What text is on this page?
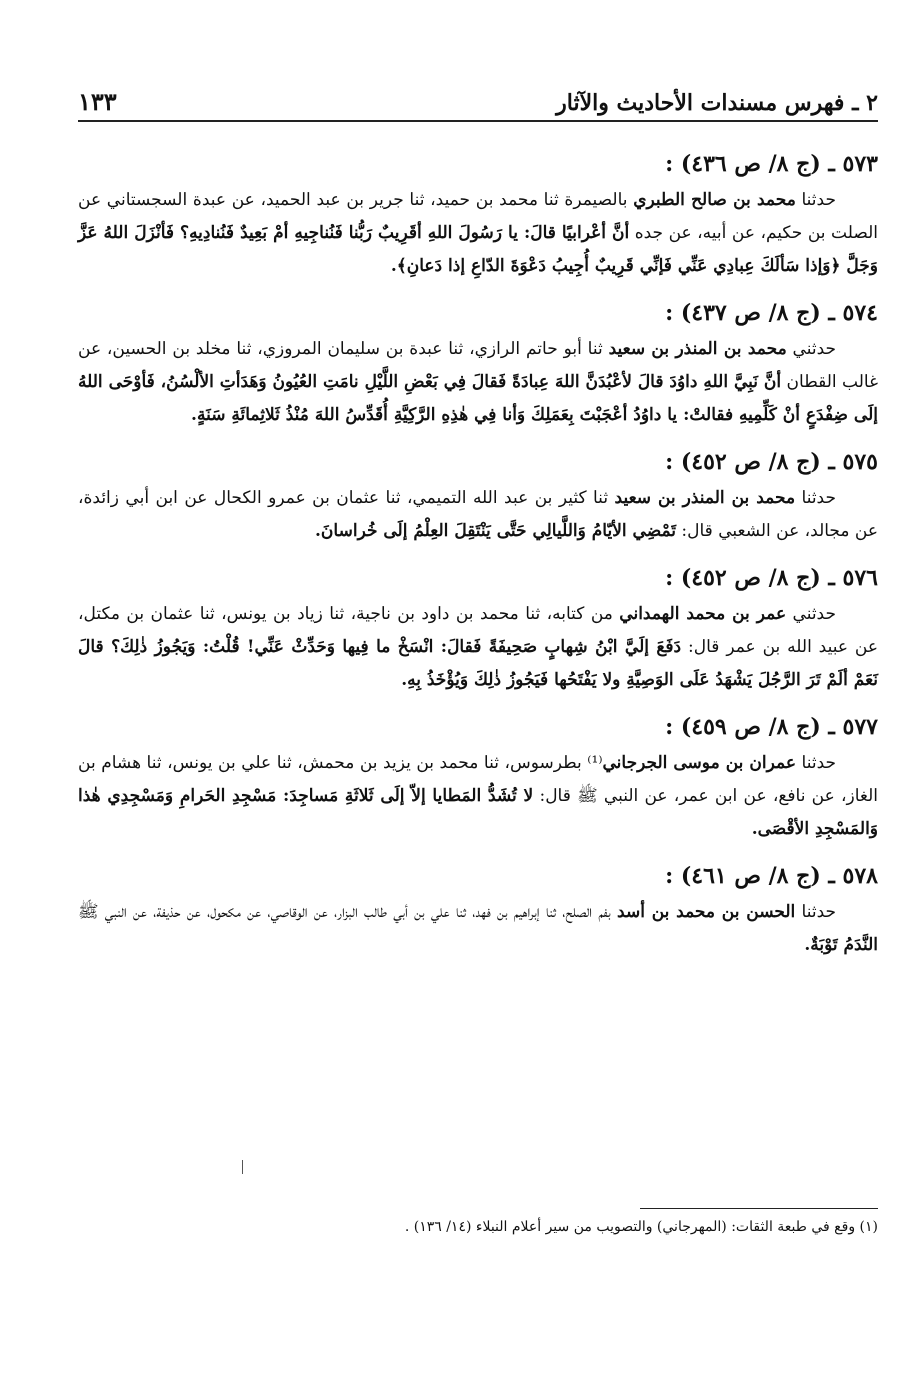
٢ ـ فهرس مسندات الأحاديث والآثار
١٣٣
٥٧٣ ـ (ج ٨/ ص ٤٣٦) :
حدثنا محمد بن صالح الطبري بالصيمرة ثنا محمد بن حميد، ثنا جرير بن عبد الحميد، عن عبدة السجستاني عن الصلت بن حكيم، عن أبيه، عن جده أنَّ أعْرابيًا قالَ: يا رَسُولَ اللهِ أقَرِيبٌ رَبُّنا فَنُناجِيهِ أمْ بَعِيدٌ فَنُنادِيهِ؟ فَأنْزَلَ اللهُ عَزَّ وَجَلَّ ﴿وَإذا سَألَكَ عِبادِي عَنِّي فَإنِّي قَرِيبٌ أُجِيبُ دَعْوَةَ الدّاعِ إذا دَعانِ﴾.
٥٧٤ ـ (ج ٨/ ص ٤٣٧) :
حدثني محمد بن المنذر بن سعيد ثنا أبو حاتم الرازي، ثنا عبدة بن سليمان المروزي، ثنا مخلد بن الحسين، عن غالب القطان أنَّ نَبِيَّ اللهِ داوُدَ قالَ لأعْبُدَنَّ اللهَ عِبادَةً فَقالَ فِي بَعْضِ اللَّيْلِ نامَتِ العُيُونُ وَهَدَأتِ الألْسُنُ، فَأوْحَى اللهُ إلَى ضِفْدَعٍ أنْ كَلِّمِيهِ فقالتْ: يا داوُدُ أعْجَبْتَ بِعَمَلِكَ وَأنا فِي هٰذِهِ الرَّكِيَّةِ أُقَدِّسُ اللهَ مُنْذُ ثَلاثِمائَةِ سَنَةٍ.
٥٧٥ ـ (ج ٨/ ص ٤٥٢) :
حدثنا محمد بن المنذر بن سعيد ثنا كثير بن عبد الله التميمي، ثنا عثمان بن عمرو الكحال عن ابن أبي زائدة، عن مجالد، عن الشعبي قال: تَمْضِي الأيّامُ وَاللَّيالِي حَتَّى يَنْتَقِلَ العِلْمُ إلَى خُراسانَ.
٥٧٦ ـ (ج ٨/ ص ٤٥٢) :
حدثني عمر بن محمد الهمداني من كتابه، ثنا محمد بن داود بن ناجية، ثنا زياد بن يونس، ثنا عثمان بن مكتل، عن عبيد الله بن عمر قال: دَفَعَ إلَيَّ ابْنُ شِهابٍ صَحِيفَةً فَقالَ: انْسَخْ ما فِيها وَحَدِّثْ عَنِّي! قُلْتُ: وَيَجُوزُ ذٰلِكَ؟ قالَ نَعَمْ ألَمْ تَرَ الرَّجُلَ يَشْهَدُ عَلَى الوَصِيَّةِ ولا يَفْتَحُها فَيَجُوزُ ذٰلِكَ وَيُؤْخَذُ بِهِ.
٥٧٧ ـ (ج ٨/ ص ٤٥٩) :
حدثنا عمران بن موسى الجرجاني⁽¹⁾ بطرسوس، ثنا محمد بن يزيد بن محمش، ثنا علي بن يونس، ثنا هشام بن الغاز، عن نافع، عن ابن عمر، عن النبي ﷺ قال: لا تُشَدُّ المَطايا إلاّ إلَى ثَلاثَةِ مَساجِدَ: مَسْجِدِ الحَرامِ وَمَسْجِدِي هٰذا وَالمَسْجِدِ الأقْصَى.
٥٧٨ ـ (ج ٨/ ص ٤٦١) :
حدثنا الحسن بن محمد بن أسد بفم الصلح، ثنا إبراهيم بن فهد، ثنا علي بن أبي طالب البزار، عن الوقاصي، عن مكحول، عن حذيفة، عن النبي ﷺ النَّدَمُ تَوْبَةٌ.
(١) وقع في طبعة الثقات: (المهرجاني) والتصويب من سير أعلام النبلاء (١٤/ ١٣٦) .
